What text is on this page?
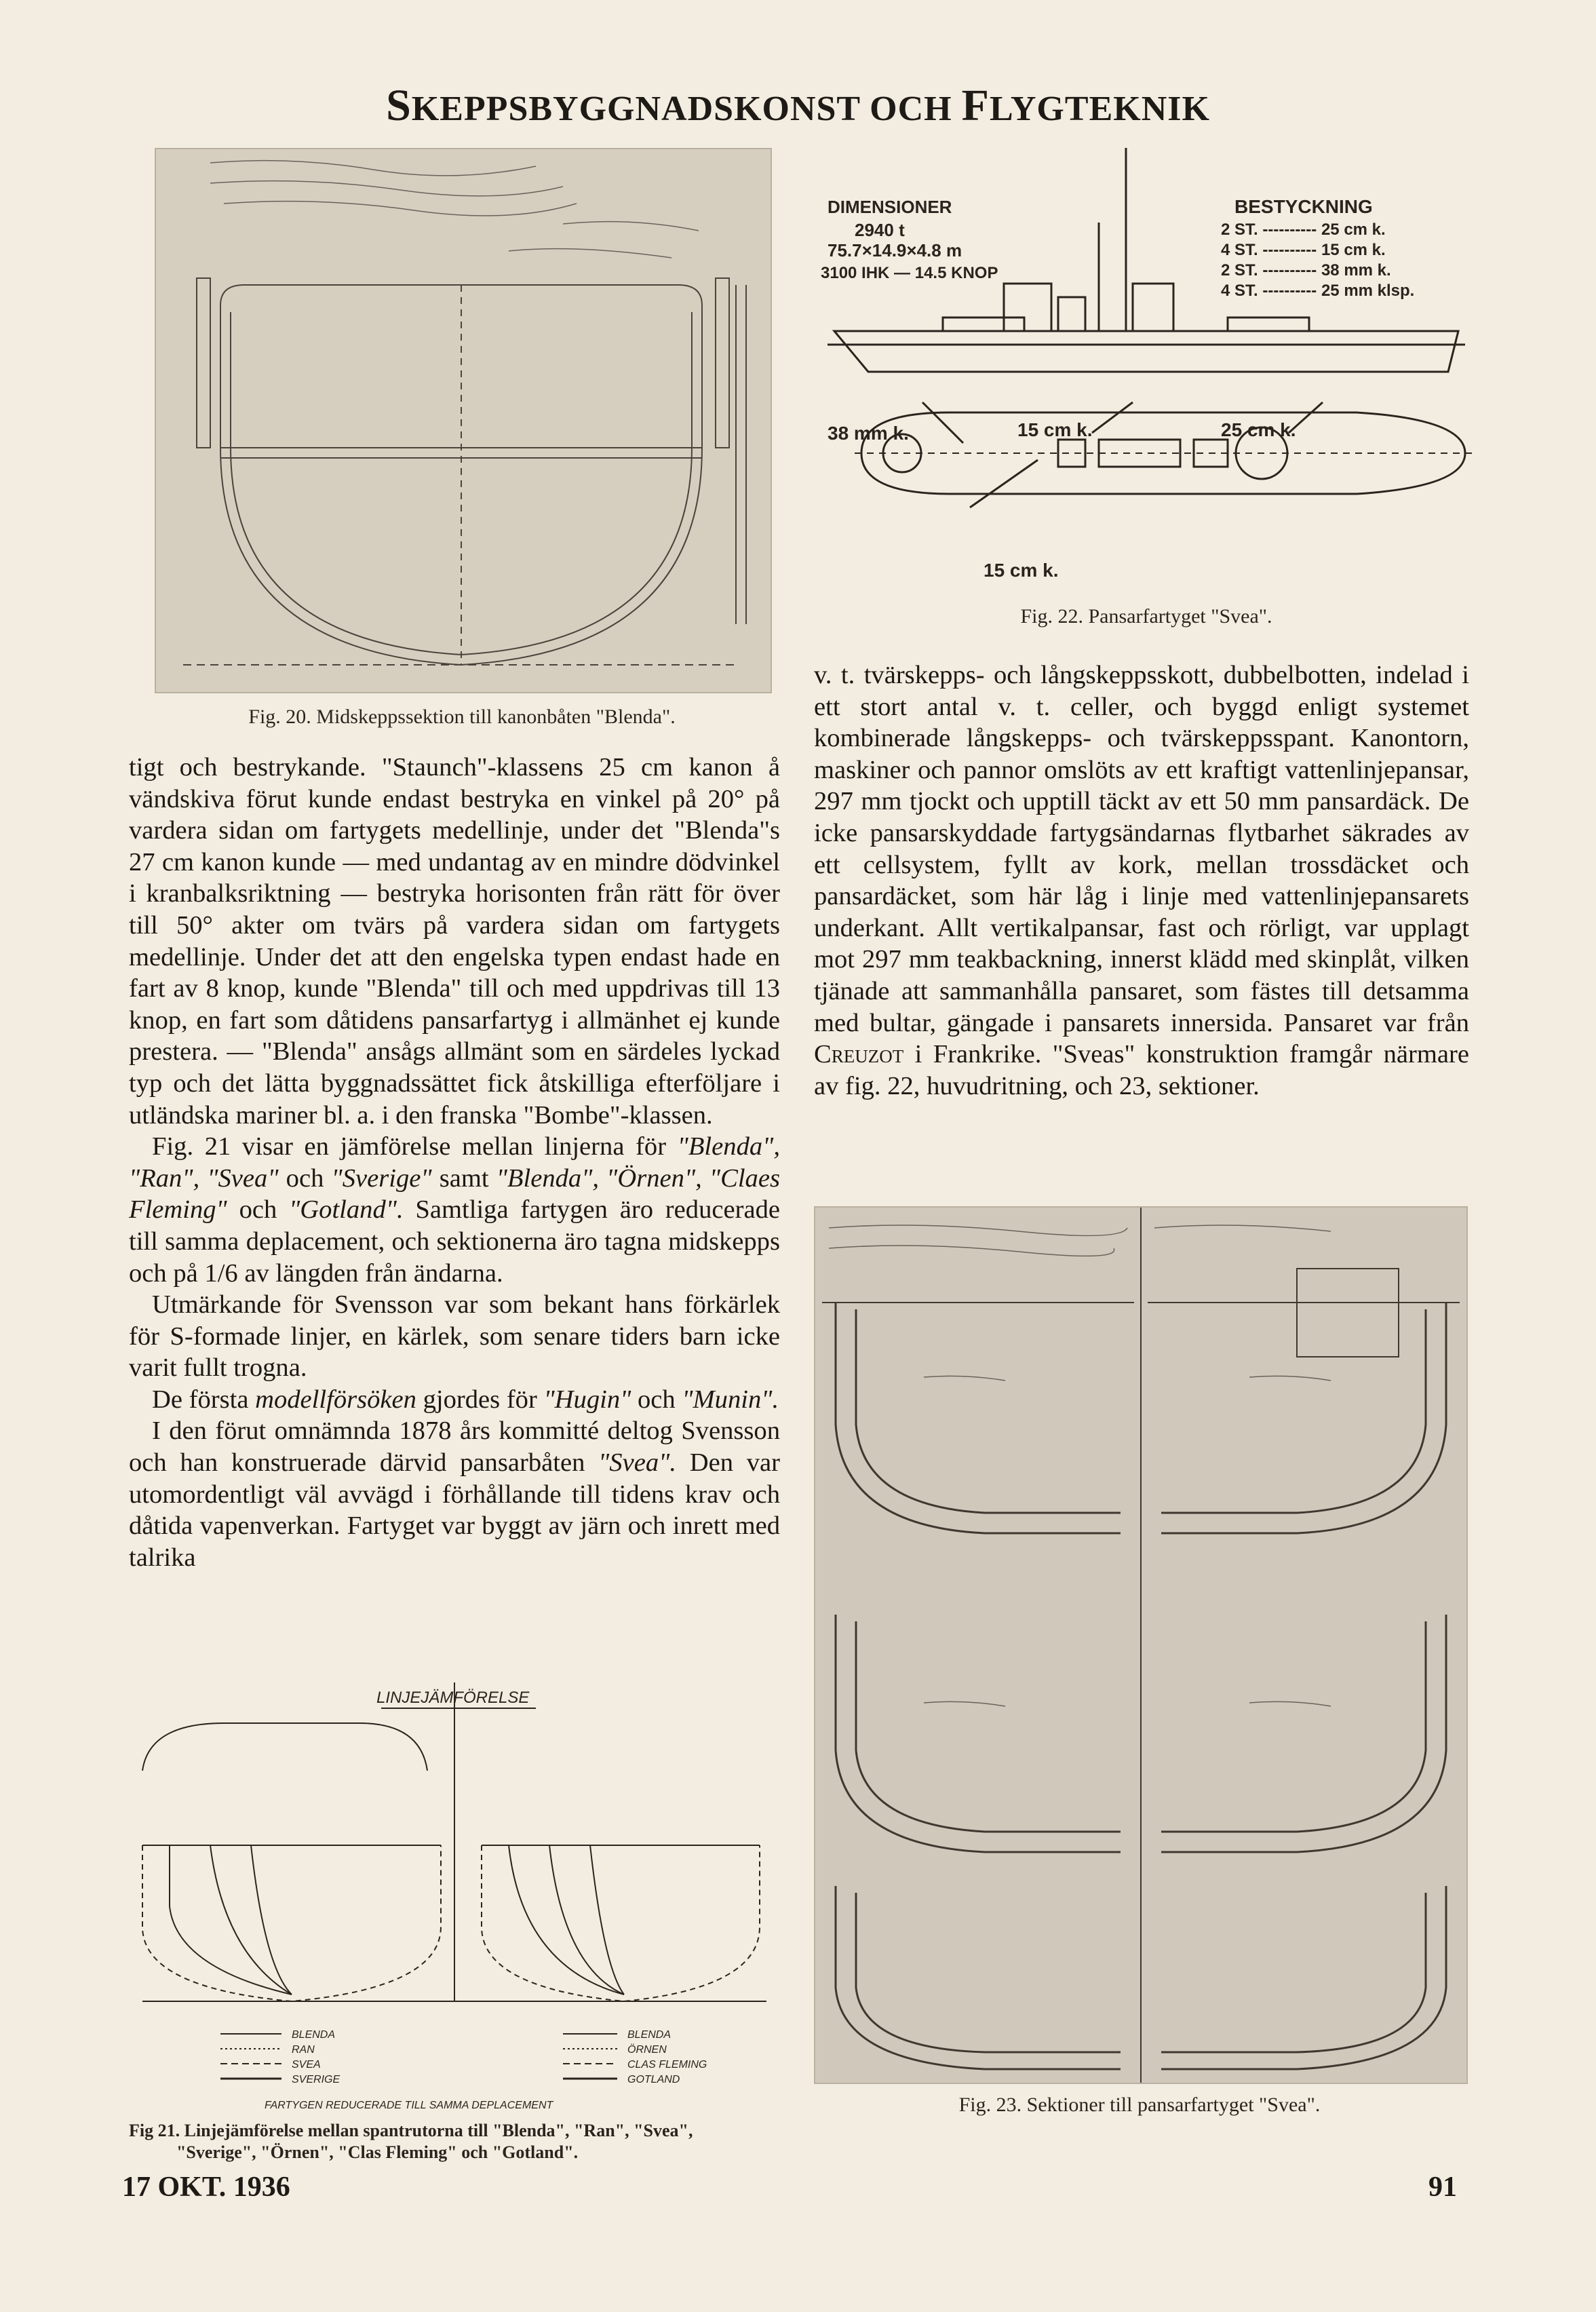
SKEPPSBYGGNADSKONST OCH FLYGTEKNIK
Fig. 20. Midskeppssektion till kanonbåten "Blenda".
DIMENSIONER
2940 t
75.7×14.9×4.8 m
3100 IHK — 14.5 KNOP
BESTYCKNING
2 ST. ---------- 25 cm k.
4 ST. ---------- 15 cm k.
2 ST. ---------- 38 mm k.
4 ST. ---------- 25 mm klsp.
38 mm k.	15 cm k.	25 cm k.
15 cm k.
Fig. 22. Pansarfartyget "Svea".

tigt och bestrykande. "Staunch"-klassens 25 cm kanon å vändskiva förut kunde endast bestryka en vinkel på 20° på vardera sidan om fartygets medellinje, under det "Blenda"s 27 cm kanon kunde — med undantag av en mindre dödvinkel i kranbalksriktning — bestryka horisonten från rätt för över till 50° akter om tvärs på vardera sidan om fartygets medellinje. Under det att den engelska typen endast hade en fart av 8 knop, kunde "Blenda" till och med uppdrivas till 13 knop, en fart som dåtidens pansarfartyg i allmänhet ej kunde prestera. — "Blenda" ansågs allmänt som en särdeles lyckad typ och det lätta byggnadssättet fick åtskilliga efterföljare i utländska mariner bl. a. i den franska "Bombe"-klassen.

Fig. 21 visar en jämförelse mellan linjerna för "Blenda", "Ran", "Svea" och "Sverige" samt "Blenda", "Örnen", "Claes Fleming" och "Gotland". Samtliga fartygen äro reducerade till samma deplacement, och sektionerna äro tagna midskepps och på 1/6 av längden från ändarna.

Utmärkande för Svensson var som bekant hans förkärlek för S-formade linjer, en kärlek, som senare tiders barn icke varit fullt trogna.

De första modellförsöken gjordes för "Hugin" och "Munin".

I den förut omnämnda 1878 års kommitté deltog Svensson och han konstruerade därvid pansarbåten "Svea". Den var utomordentligt väl avvägd i förhållande till tidens krav och dåtida vapenverkan. Fartyget var byggt av järn och inrett med talrika

v. t. tvärskepps- och långskeppsskott, dubbelbotten, indelad i ett stort antal v. t. celler, och byggd enligt systemet kombinerade långskepps- och tvärskeppsspant. Kanontorn, maskiner och pannor omslöts av ett kraftigt vattenlinjepansar, 297 mm tjockt och upptill täckt av ett 50 mm pansardäck. De icke pansarskyddade fartygsändarnas flytbarhet säkrades av ett cellsystem, fyllt av kork, mellan trossdäcket och pansardäcket, som här låg i linje med vattenlinjepansarets underkant. Allt vertikalpansar, fast och rörligt, var upplagt mot 297 mm teakbackning, innerst klädd med skinplåt, vilken tjänade att sammanhålla pansaret, som fästes till detsamma med bultar, gängade i pansarets innersida. Pansaret var från Creuzot i Frankrike. "Sveas" konstruktion framgår närmare av fig. 22, huvudritning, och 23, sektioner.

LINJEJÄMFÖRELSE
BLENDA
RAN
SVEA
SVERIGE
BLENDA
ÖRNEN
CLAS FLEMING
GOTLAND
FARTYGEN REDUCERADE TILL SAMMA DEPLACEMENT
Fig 21. Linjejämförelse mellan spantrutorna till "Blenda", "Ran", "Svea",
"Sverige", "Örnen", "Clas Fleming" och "Gotland".
Fig. 23. Sektioner till pansarfartyget "Svea".
17 OKT. 1936	91
